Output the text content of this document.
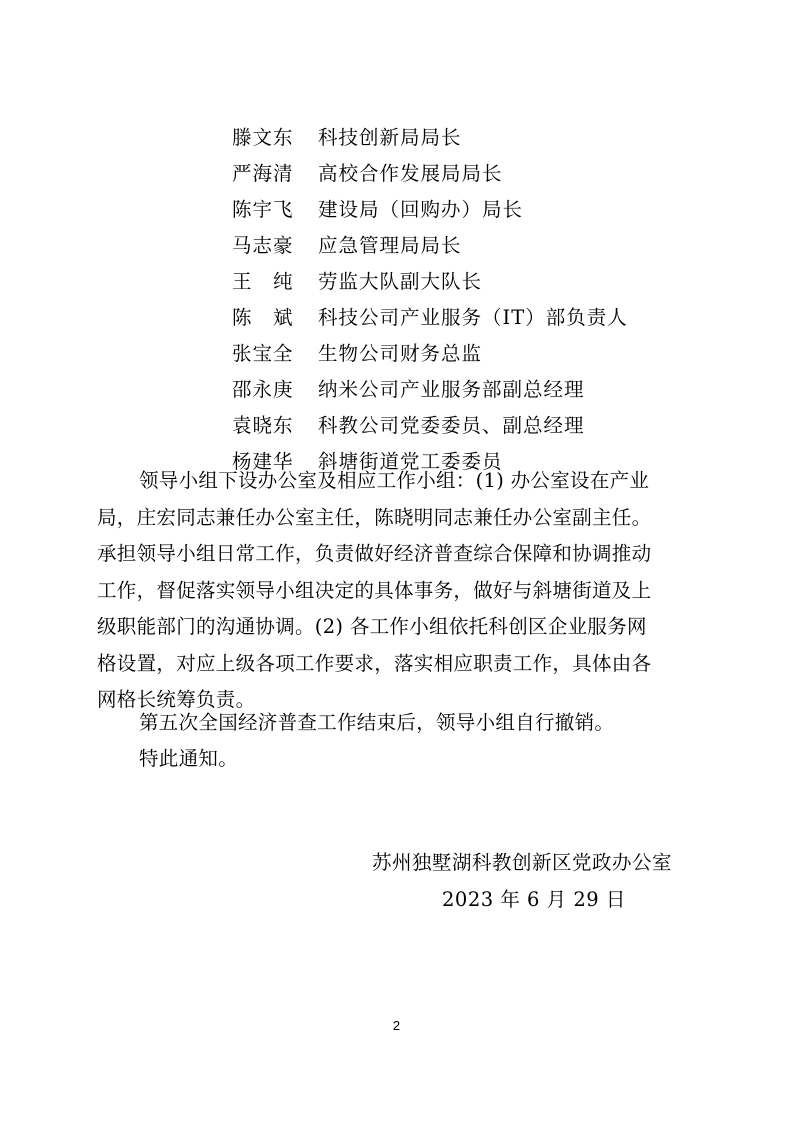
滕文东	科技创新局局长
严海清	高校合作发展局局长
陈宇飞	建设局（回购办）局长
马志豪	应急管理局局长
王 纯	劳监大队副大队长
陈 斌	科技公司产业服务（IT）部负责人
张宝全	生物公司财务总监
邵永庚	纳米公司产业服务部副总经理
袁晓东	科教公司党委委员、副总经理
杨建华	斜塘街道党工委委员
领导小组下设办公室及相应工作小组：(1) 办公室设在产业
局，庄宏同志兼任办公室主任，陈晓明同志兼任办公室副主任。
承担领导小组日常工作，负责做好经济普查综合保障和协调推动
工作，督促落实领导小组决定的具体事务，做好与斜塘街道及上
级职能部门的沟通协调。(2) 各工作小组依托科创区企业服务网
格设置，对应上级各项工作要求，落实相应职责工作，具体由各
网格长统筹负责。
第五次全国经济普查工作结束后，领导小组自行撤销。
特此通知。
苏州独墅湖科教创新区党政办公室
2023 年 6 月 29 日
2
